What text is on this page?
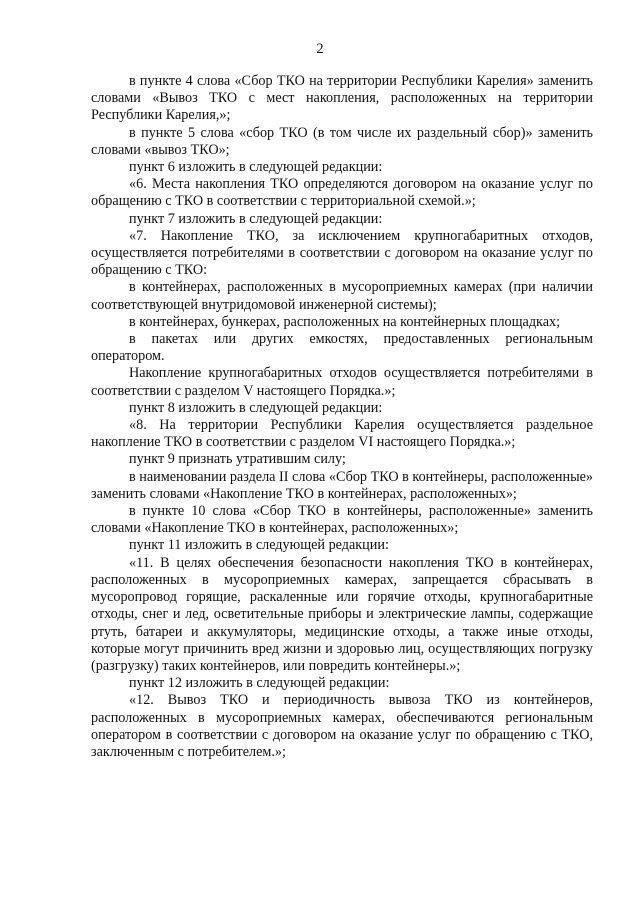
2

в пункте 4 слова «Сбор ТКО на территории Республики Карелия» заменить словами «Вывоз ТКО с мест накопления, расположенных на территории Республики Карелия,»;

в пункте 5 слова «сбор ТКО (в том числе их раздельный сбор)» заменить словами «вывоз ТКО»;

пункт 6 изложить в следующей редакции:

«6. Места накопления ТКО определяются договором на оказание услуг по обращению с ТКО в соответствии с территориальной схемой.»;

пункт 7 изложить в следующей редакции:

«7. Накопление ТКО, за исключением крупногабаритных отходов, осуществляется потребителями в соответствии с договором на оказание услуг по обращению с ТКО:

в контейнерах, расположенных в мусороприемных камерах (при наличии соответствующей внутридомовой инженерной системы);

в контейнерах, бункерах, расположенных на контейнерных площадках;

в пакетах или других емкостях, предоставленных региональным оператором.

Накопление крупногабаритных отходов осуществляется потребителями в соответствии с разделом V настоящего Порядка.»;

пункт 8 изложить в следующей редакции:

«8. На территории Республики Карелия осуществляется раздельное накопление ТКО в соответствии с разделом VI настоящего Порядка.»;

пункт 9 признать утратившим силу;

в наименовании раздела II слова «Сбор ТКО в контейнеры, расположенные» заменить словами «Накопление ТКО в контейнерах, расположенных»;

в пункте 10 слова «Сбор ТКО в контейнеры, расположенные» заменить словами «Накопление ТКО в контейнерах, расположенных»;

пункт 11 изложить в следующей редакции:

«11. В целях обеспечения безопасности накопления ТКО в контейнерах, расположенных в мусороприемных камерах, запрещается сбрасывать в мусоропровод горящие, раскаленные или горячие отходы, крупногабаритные отходы, снег и лед, осветительные приборы и электрические лампы, содержащие ртуть, батареи и аккумуляторы, медицинские отходы, а также иные отходы, которые могут причинить вред жизни и здоровью лиц, осуществляющих погрузку (разгрузку) таких контейнеров, или повредить контейнеры.»;

пункт 12 изложить в следующей редакции:

«12. Вывоз ТКО и периодичность вывоза ТКО из контейнеров, расположенных в мусороприемных камерах, обеспечиваются региональным оператором в соответствии с договором на оказание услуг по обращению с ТКО, заключенным с потребителем.»;
